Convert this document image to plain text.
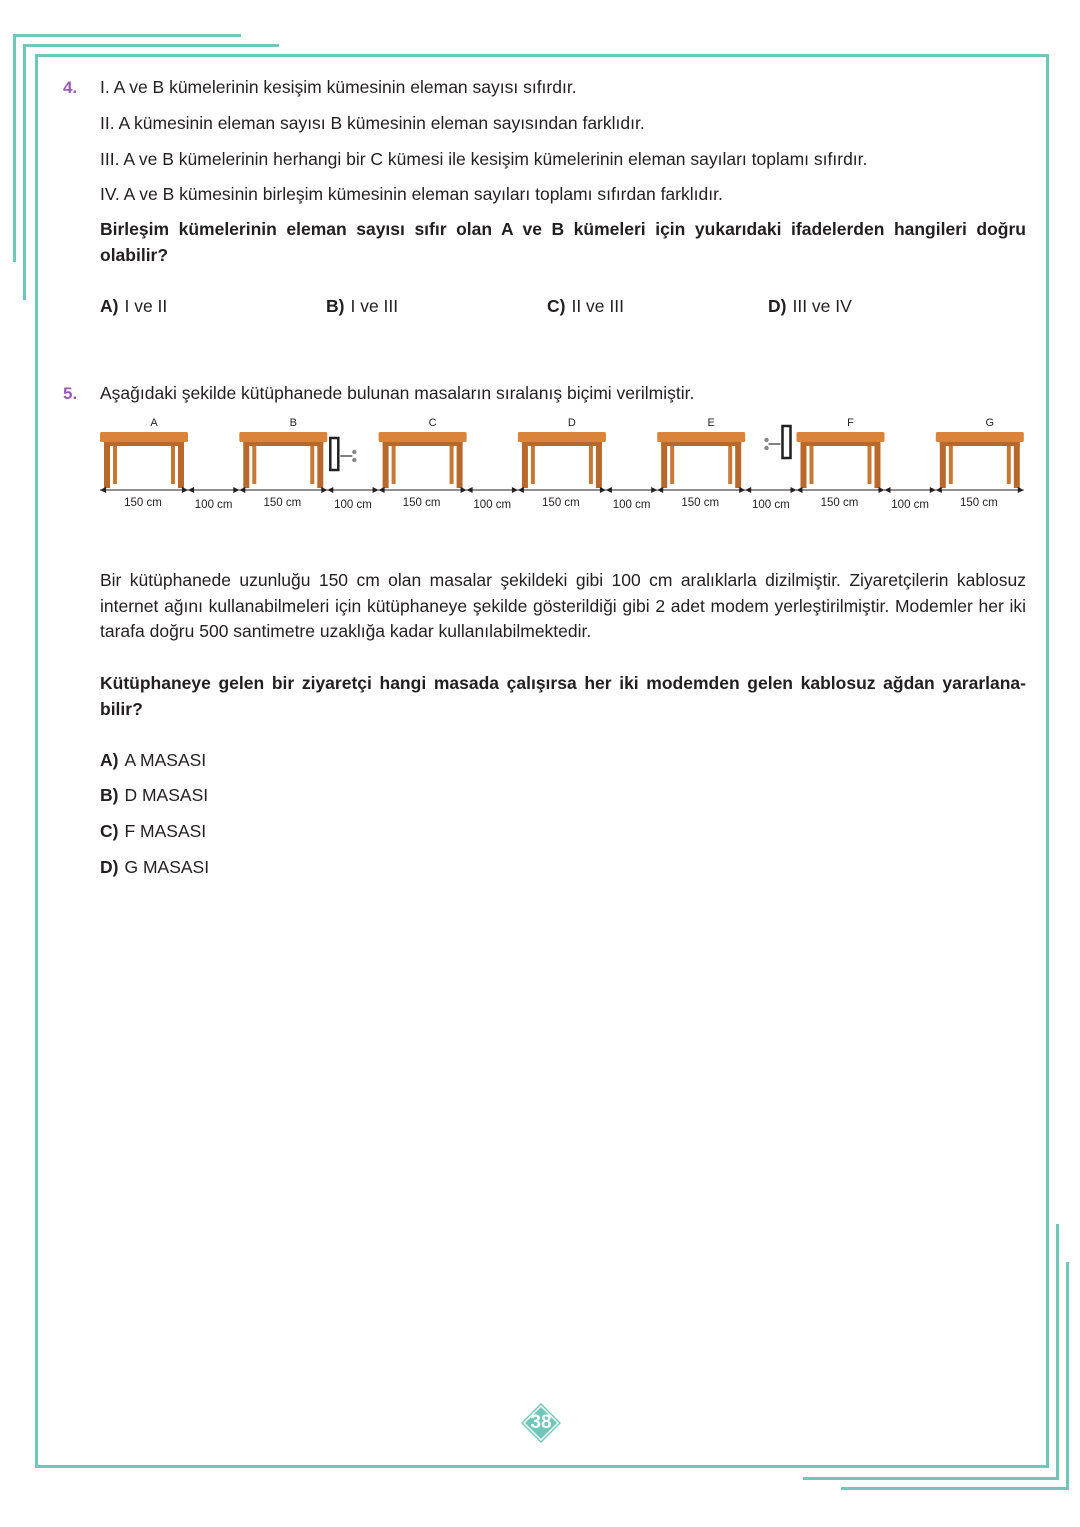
4. I. A ve B kümelerinin kesişim kümesinin eleman sayısı sıfırdır.
II. A kümesinin eleman sayısı B kümesinin eleman sayısından farklıdır.
III. A ve B kümelerinin herhangi bir C kümesi ile kesişim kümelerinin eleman sayıları toplamı sıfırdır.
IV. A ve B kümesinin birleşim kümesinin eleman sayıları toplamı sıfırdan farklıdır.
Birleşim kümelerinin eleman sayısı sıfır olan A ve B kümeleri için yukarıdaki ifadelerden hangileri doğru olabilir?
A) I ve II	B) I ve III	C) II ve III	D) III ve IV
5. Aşağıdaki şekilde kütüphanede bulunan masaların sıralanış biçimi verilmiştir.
A
150 cm	100 cm
B
150 cm	100 cm
C
150 cm	100 cm
D
150 cm	100 cm
E
150 cm	100 cm
F
150 cm	100 cm
G
150 cm
Bir kütüphanede uzunluğu 150 cm olan masalar şekildeki gibi 100 cm aralıklarla dizilmiştir. Ziyaretçilerin kablosuz internet ağını kullanabilmeleri için kütüphaneye şekilde gösterildiği gibi 2 adet modem yerleştirilmiştir. Modemler her iki tarafa doğru 500 santimetre uzaklığa kadar kullanılabilmektedir.
Kütüphaneye gelen bir ziyaretçi hangi masada çalışırsa her iki modemden gelen kablosuz ağdan yararlana-bilir?
A) A MASASI
B) D MASASI
C) F MASASI
D) G MASASI
38
